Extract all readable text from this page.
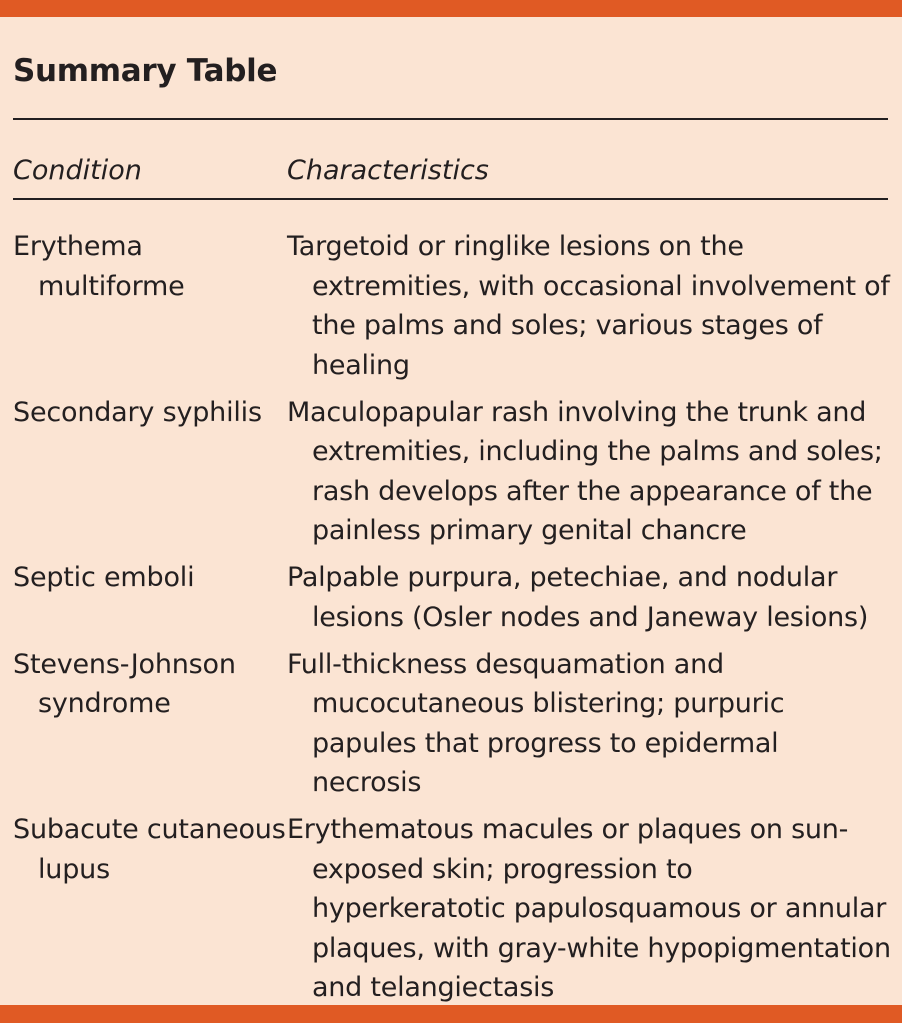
Summary Table
Condition	Characteristics
Erythema multiforme
Targetoid or ringlike lesions on the extremities, with occasional involvement of the palms and soles; various stages of healing
Secondary syphilis Maculopapular rash involving the trunk and extremities, including the palms and soles; rash develops after the appearance of the painless primary genital chancre
Septic emboli	Palpable purpura, petechiae, and nodular lesions (Osler nodes and Janeway lesions)
Stevens-Johnson syndrome
Full-thickness desquamation and mucocutaneous blistering; purpuric papules that progress to epidermal necrosis
Subacute cutaneous lupus
Erythematous macules or plaques on sun-exposed skin; progression to hyperkeratotic papulosquamous or annular plaques, with gray-white hypopigmentation and telangiectasis
